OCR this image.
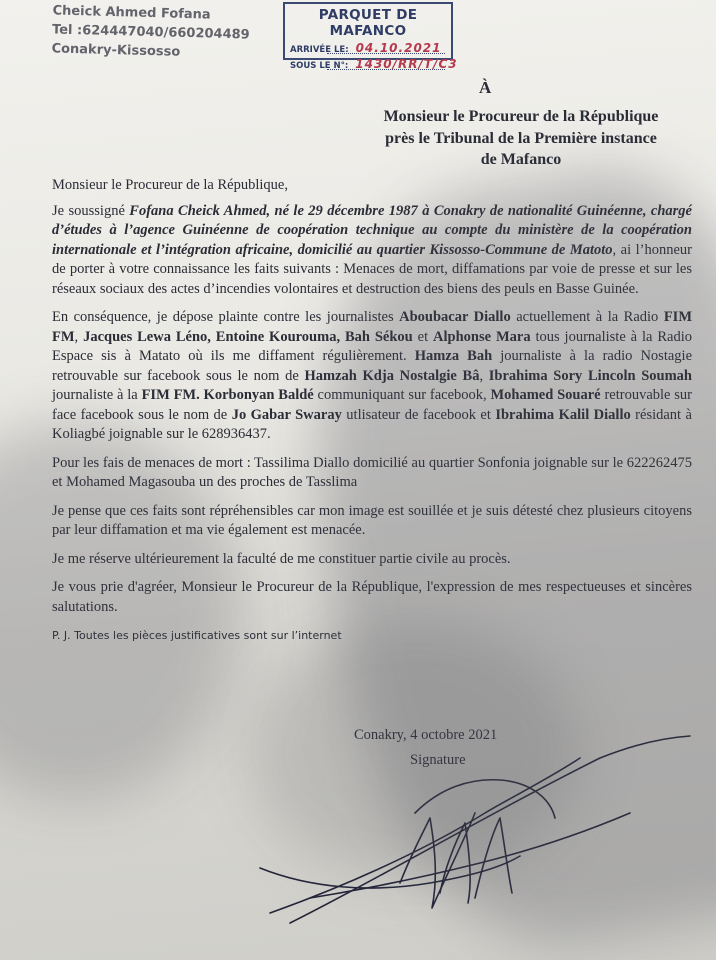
Cheick Ahmed Fofana
Tel :624447040/660204489
Conakry-Kissosso
PARQUET DE MAFANCO
ARRIVÉE LE: 04.10.2021
SOUS LE N°: 1430/RR/T/C3
À
Monsieur le Procureur de la République
près le Tribunal de la Première instance
de Mafanco

Monsieur le Procureur de la République,

Je soussigné Fofana Cheick Ahmed, né le 29 décembre 1987 à Conakry de nationalité Guinéenne, chargé d’études à l’agence Guinéenne de coopération technique au compte du ministère de la coopération internationale et l’intégration africaine, domicilié au quartier Kissosso-Commune de Matoto, ai l’honneur de porter à votre connaissance les faits suivants : Menaces de mort, diffamations par voie de presse et sur les réseaux sociaux des actes d’incendies volontaires et destruction des biens des peuls en Basse Guinée.

En conséquence, je dépose plainte contre les journalistes Aboubacar Diallo actuellement à la Radio FIM FM, Jacques Lewa Léno, Entoine Kourouma, Bah Sékou et Alphonse Mara tous journaliste à la Radio Espace sis à Matato où ils me diffament régulièrement. Hamza Bah journaliste à la radio Nostagie retrouvable sur facebook sous le nom de Hamzah Kdja Nostalgie Bâ, Ibrahima Sory Lincoln Soumah journaliste à la FIM FM. Korbonyan Baldé communiquant sur facebook, Mohamed Souaré retrouvable sur face facebook sous le nom de Jo Gabar Swaray utlisateur de facebook et Ibrahima Kalil Diallo résidant à Koliagbé joignable sur le 628936437.

Pour les fais de menaces de mort : Tassilima Diallo domicilié au quartier Sonfonia joignable sur le 622262475 et Mohamed Magasouba un des proches de Tasslima

Je pense que ces faits sont répréhensibles car mon image est souillée et je suis détesté chez plusieurs citoyens par leur diffamation et ma vie également est menacée.

Je me réserve ultérieurement la faculté de me constituer partie civile au procès.

Je vous prie d'agréer, Monsieur le Procureur de la République, l'expression de mes respectueuses et sincères salutations.

P. J. Toutes les pièces justificatives sont sur l’internet
Conakry, 4 octobre 2021
Signature
